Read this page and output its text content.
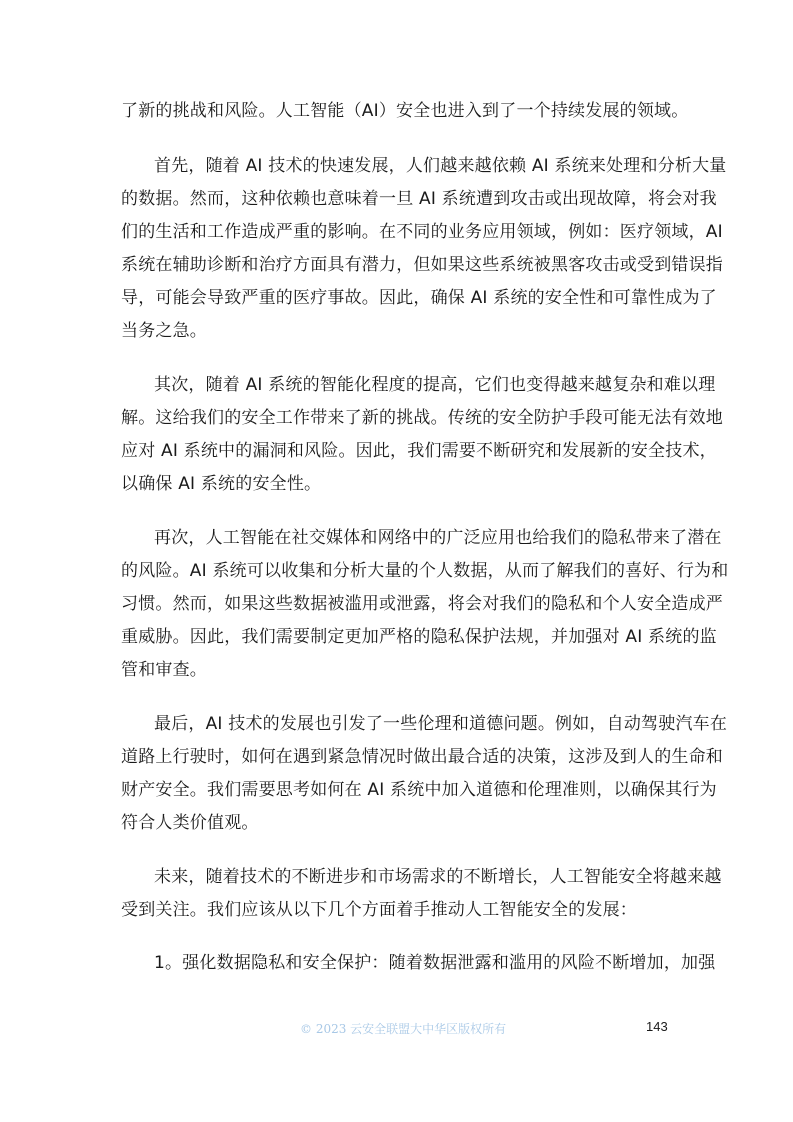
了新的挑战和风险。人工智能（AI）安全也进入到了一个持续发展的领域。
首先，随着 AI 技术的快速发展，人们越来越依赖 AI 系统来处理和分析大量
的数据。然而，这种依赖也意味着一旦 AI 系统遭到攻击或出现故障，将会对我
们的生活和工作造成严重的影响。在不同的业务应用领域，例如：医疗领域，AI
系统在辅助诊断和治疗方面具有潜力，但如果这些系统被黑客攻击或受到错误指
导，可能会导致严重的医疗事故。因此，确保 AI 系统的安全性和可靠性成为了
当务之急。
其次，随着 AI 系统的智能化程度的提高，它们也变得越来越复杂和难以理
解。这给我们的安全工作带来了新的挑战。传统的安全防护手段可能无法有效地
应对 AI 系统中的漏洞和风险。因此，我们需要不断研究和发展新的安全技术，
以确保 AI 系统的安全性。
再次，人工智能在社交媒体和网络中的广泛应用也给我们的隐私带来了潜在
的风险。AI 系统可以收集和分析大量的个人数据，从而了解我们的喜好、行为和
习惯。然而，如果这些数据被滥用或泄露，将会对我们的隐私和个人安全造成严
重威胁。因此，我们需要制定更加严格的隐私保护法规，并加强对 AI 系统的监
管和审查。
最后，AI 技术的发展也引发了一些伦理和道德问题。例如，自动驾驶汽车在
道路上行驶时，如何在遇到紧急情况时做出最合适的决策，这涉及到人的生命和
财产安全。我们需要思考如何在 AI 系统中加入道德和伦理准则，以确保其行为
符合人类价值观。
未来，随着技术的不断进步和市场需求的不断增长，人工智能安全将越来越
受到关注。我们应该从以下几个方面着手推动人工智能安全的发展：
1。强化数据隐私和安全保护：随着数据泄露和滥用的风险不断增加，加强
© 2023 云安全联盟大中华区版权所有	143
